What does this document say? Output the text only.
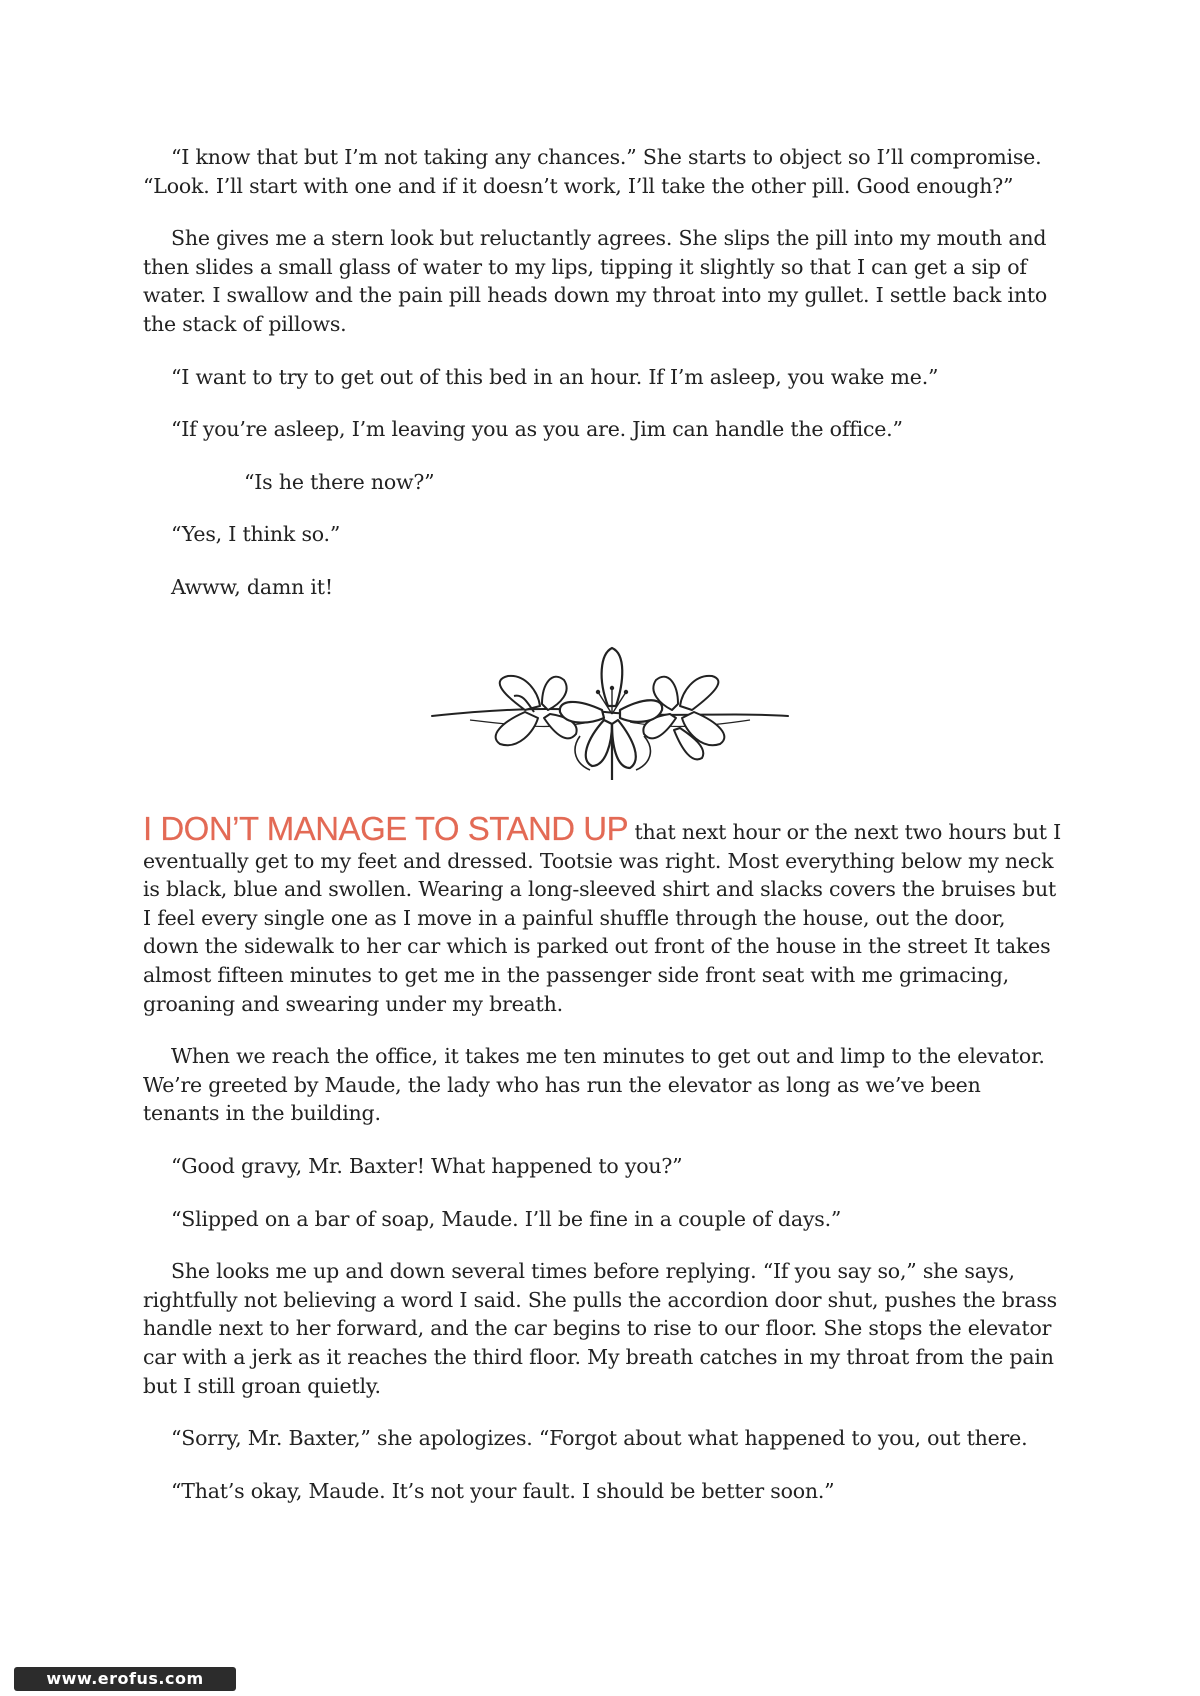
“I know that but I’m not taking any chances.” She starts to object so I’ll compromise. “Look. I’ll start with one and if it doesn’t work, I’ll take the other pill. Good enough?”

She gives me a stern look but reluctantly agrees. She slips the pill into my mouth and then slides a small glass of water to my lips, tipping it slightly so that I can get a sip of water. I swallow and the pain pill heads down my throat into my gullet. I settle back into the stack of pillows.

“I want to try to get out of this bed in an hour. If I’m asleep, you wake me.”

“If you’re asleep, I’m leaving you as you are. Jim can handle the office.”

“Is he there now?”

“Yes, I think so.”

Awww, damn it!

I DON’T MANAGE TO STAND UP that next hour or the next two hours but I eventually get to my feet and dressed. Tootsie was right. Most everything below my neck is black, blue and swollen. Wearing a long-sleeved shirt and slacks covers the bruises but I feel every single one as I move in a painful shuffle through the house, out the door, down the sidewalk to her car which is parked out front of the house in the street It takes almost fifteen minutes to get me in the passenger side front seat with me grimacing, groaning and swearing under my breath.

When we reach the office, it takes me ten minutes to get out and limp to the elevator. We’re greeted by Maude, the lady who has run the elevator as long as we’ve been tenants in the building.

“Good gravy, Mr. Baxter! What happened to you?”

“Slipped on a bar of soap, Maude. I’ll be fine in a couple of days.”

She looks me up and down several times before replying. “If you say so,” she says, rightfully not believing a word I said. She pulls the accordion door shut, pushes the brass handle next to her forward, and the car begins to rise to our floor. She stops the elevator car with a jerk as it reaches the third floor. My breath catches in my throat from the pain but I still groan quietly.

“Sorry, Mr. Baxter,” she apologizes. “Forgot about what happened to you, out there.

“That’s okay, Maude. It’s not your fault. I should be better soon.”

www.erofus.com
